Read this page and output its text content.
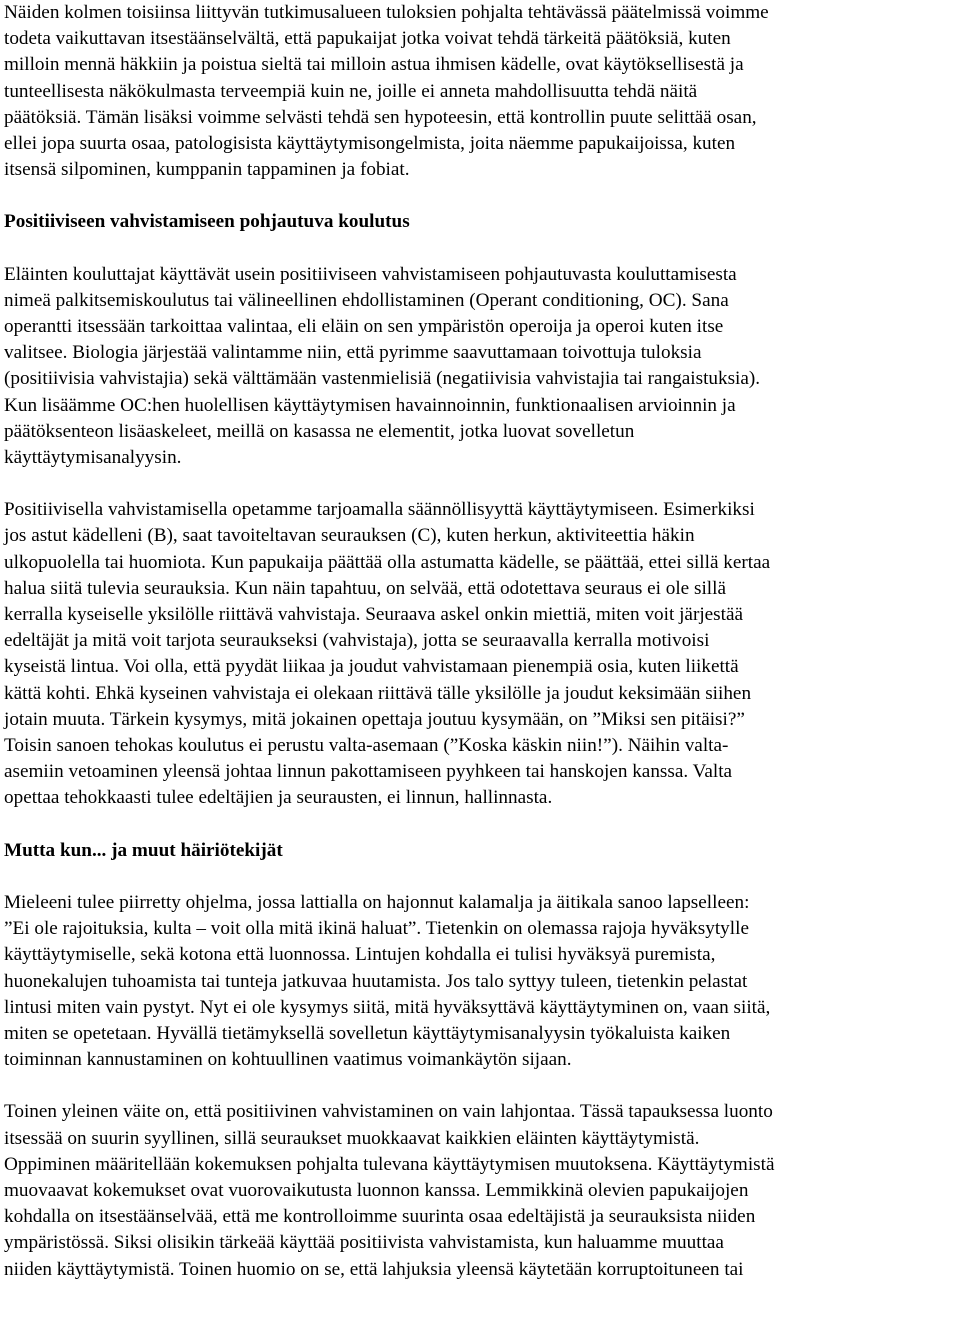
Näiden kolmen toisiinsa liittyvän tutkimusalueen tuloksien pohjalta tehtävässä päätelmissä voimme
todeta vaikuttavan itsestäänselvältä, että papukaijat jotka voivat tehdä tärkeitä päätöksiä, kuten
milloin mennä häkkiin ja poistua sieltä tai milloin astua ihmisen kädelle, ovat käytöksellisestä ja
tunteellisesta näkökulmasta terveempiä kuin ne, joille ei anneta mahdollisuutta tehdä näitä
päätöksiä. Tämän lisäksi voimme selvästi tehdä sen hypoteesin, että kontrollin puute selittää osan,
ellei jopa suurta osaa, patologisista käyttäytymisongelmista, joita näemme papukaijoissa, kuten
itsensä silpominen, kumppanin tappaminen ja fobiat.
Positiiviseen vahvistamiseen pohjautuva koulutus
Eläinten kouluttajat käyttävät usein positiiviseen vahvistamiseen pohjautuvasta kouluttamisesta
nimeä palkitsemiskoulutus tai välineellinen ehdollistaminen (Operant conditioning, OC). Sana
operantti itsessään tarkoittaa valintaa, eli eläin on sen ympäristön operoija ja operoi kuten itse
valitsee. Biologia järjestää valintamme niin, että pyrimme saavuttamaan toivottuja tuloksia
(positiivisia vahvistajia) sekä välttämään vastenmielisiä (negatiivisia vahvistajia tai rangaistuksia).
Kun lisäämme OC:hen huolellisen käyttäytymisen havainnoinnin, funktionaalisen arvioinnin ja
päätöksenteon lisäaskeleet, meillä on kasassa ne elementit, jotka luovat sovelletun
käyttäytymisanalyysin.
Positiivisella vahvistamisella opetamme tarjoamalla säännöllisyyttä käyttäytymiseen. Esimerkiksi
jos astut kädelleni (B), saat tavoiteltavan seurauksen (C), kuten herkun, aktiviteettia häkin
ulkopuolella tai huomiota. Kun papukaija päättää olla astumatta kädelle, se päättää, ettei sillä kertaa
halua siitä tulevia seurauksia. Kun näin tapahtuu, on selvää, että odotettava seuraus ei ole sillä
kerralla kyseiselle yksilölle riittävä vahvistaja. Seuraava askel onkin miettiä, miten voit järjestää
edeltäjät ja mitä voit tarjota seuraukseksi (vahvistaja), jotta se seuraavalla kerralla motivoisi
kyseistä lintua. Voi olla, että pyydät liikaa ja joudut vahvistamaan pienempiä osia, kuten liikettä
kättä kohti. Ehkä kyseinen vahvistaja ei olekaan riittävä tälle yksilölle ja joudut keksimään siihen
jotain muuta. Tärkein kysymys, mitä jokainen opettaja joutuu kysymään, on ”Miksi sen pitäisi?”
Toisin sanoen tehokas koulutus ei perustu valta-asemaan (”Koska käskin niin!”). Näihin valta-
asemiin vetoaminen yleensä johtaa linnun pakottamiseen pyyhkeen tai hanskojen kanssa. Valta
opettaa tehokkaasti tulee edeltäjien ja seurausten, ei linnun, hallinnasta.
Mutta kun... ja muut häiriötekijät
Mieleeni tulee piirretty ohjelma, jossa lattialla on hajonnut kalamalja ja äitikala sanoo lapselleen:
”Ei ole rajoituksia, kulta – voit olla mitä ikinä haluat”. Tietenkin on olemassa rajoja hyväksytylle
käyttäytymiselle, sekä kotona että luonnossa. Lintujen kohdalla ei tulisi hyväksyä puremista,
huonekalujen tuhoamista tai tunteja jatkuvaa huutamista. Jos talo syttyy tuleen, tietenkin pelastat
lintusi miten vain pystyt. Nyt ei ole kysymys siitä, mitä hyväksyttävä käyttäytyminen on, vaan siitä,
miten se opetetaan. Hyvällä tietämyksellä sovelletun käyttäytymisanalyysin työkaluista kaiken
toiminnan kannustaminen on kohtuullinen vaatimus voimankäytön sijaan.
Toinen yleinen väite on, että positiivinen vahvistaminen on vain lahjontaa. Tässä tapauksessa luonto
itsessää on suurin syyllinen, sillä seuraukset muokkaavat kaikkien eläinten käyttäytymistä.
Oppiminen määritellään kokemuksen pohjalta tulevana käyttäytymisen muutoksena. Käyttäytymistä
muovaavat kokemukset ovat vuorovaikutusta luonnon kanssa. Lemmikkinä olevien papukaijojen
kohdalla on itsestäänselvää, että me kontrolloimme suurinta osaa edeltäjistä ja seurauksista niiden
ympäristössä. Siksi olisikin tärkeää käyttää positiivista vahvistamista, kun haluamme muuttaa
niiden käyttäytymistä. Toinen huomio on se, että lahjuksia yleensä käytetään korruptoituneen tai
